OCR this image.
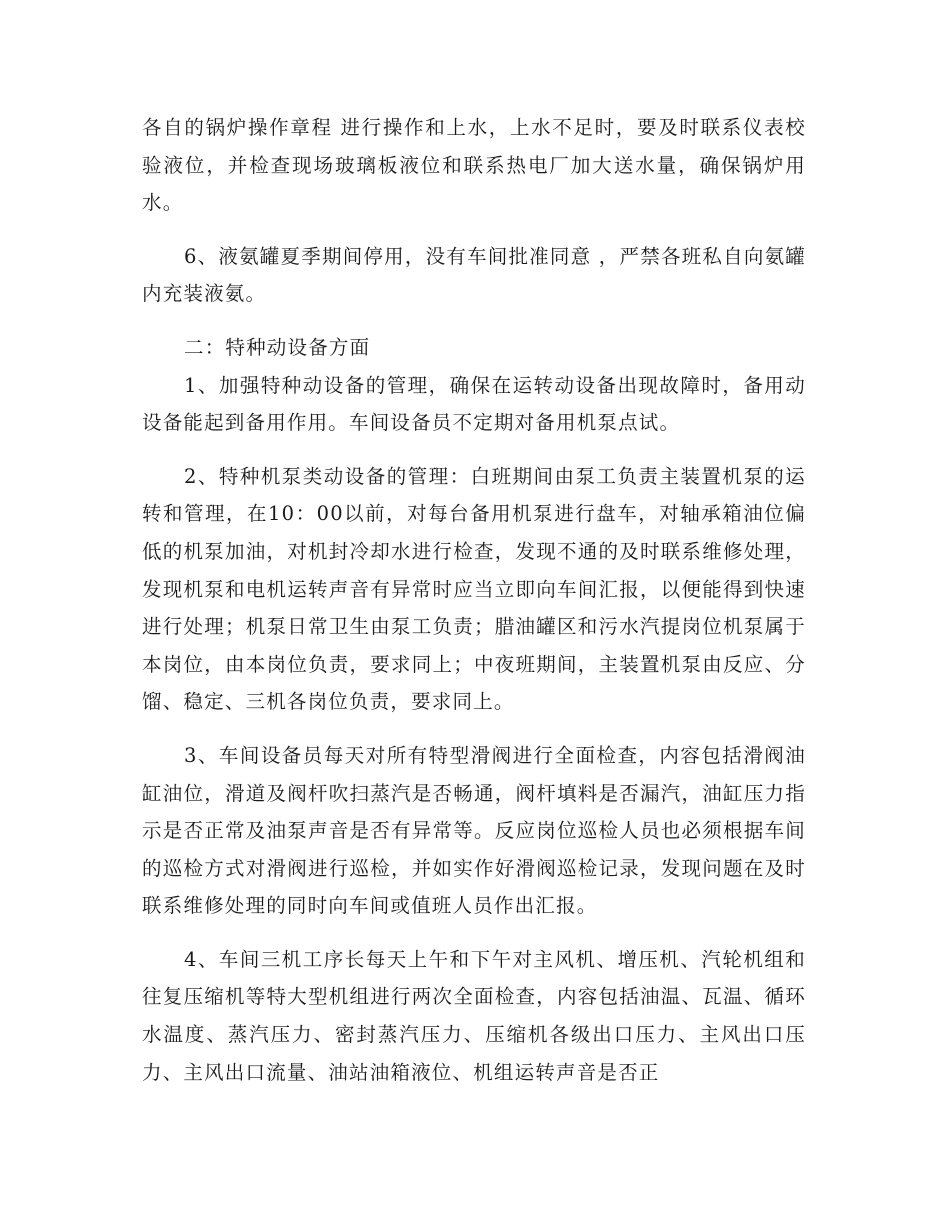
各自的锅炉操作章程 进行操作和上水，上水不足时，要及时联系仪表校验液位，并检查现场玻璃板液位和联系热电厂加大送水量，确保锅炉用水。

6、液氨罐夏季期间停用，没有车间批准同意 ，严禁各班私自向氨罐内充装液氨。

二：特种动设备方面

1、加强特种动设备的管理，确保在运转动设备出现故障时，备用动设备能起到备用作用。车间设备员不定期对备用机泵点试。

2、特种机泵类动设备的管理：白班期间由泵工负责主装置机泵的运转和管理，在10：00以前，对每台备用机泵进行盘车，对轴承箱油位偏低的机泵加油，对机封冷却水进行检查，发现不通的及时联系维修处理，发现机泵和电机运转声音有异常时应当立即向车间汇报，以便能得到快速进行处理；机泵日常卫生由泵工负责；腊油罐区和污水汽提岗位机泵属于本岗位，由本岗位负责，要求同上；中夜班期间，主装置机泵由反应、分馏、稳定、三机各岗位负责，要求同上。

3、车间设备员每天对所有特型滑阀进行全面检查，内容包括滑阀油缸油位，滑道及阀杆吹扫蒸汽是否畅通，阀杆填料是否漏汽，油缸压力指示是否正常及油泵声音是否有异常等。反应岗位巡检人员也必须根据车间的巡检方式对滑阀进行巡检，并如实作好滑阀巡检记录，发现问题在及时联系维修处理的同时向车间或值班人员作出汇报。

4、车间三机工序长每天上午和下午对主风机、增压机、汽轮机组和往复压缩机等特大型机组进行两次全面检查，内容包括油温、瓦温、循环水温度、蒸汽压力、密封蒸汽压力、压缩机各级出口压力、主风出口压力、主风出口流量、油站油箱液位、机组运转声音是否正
